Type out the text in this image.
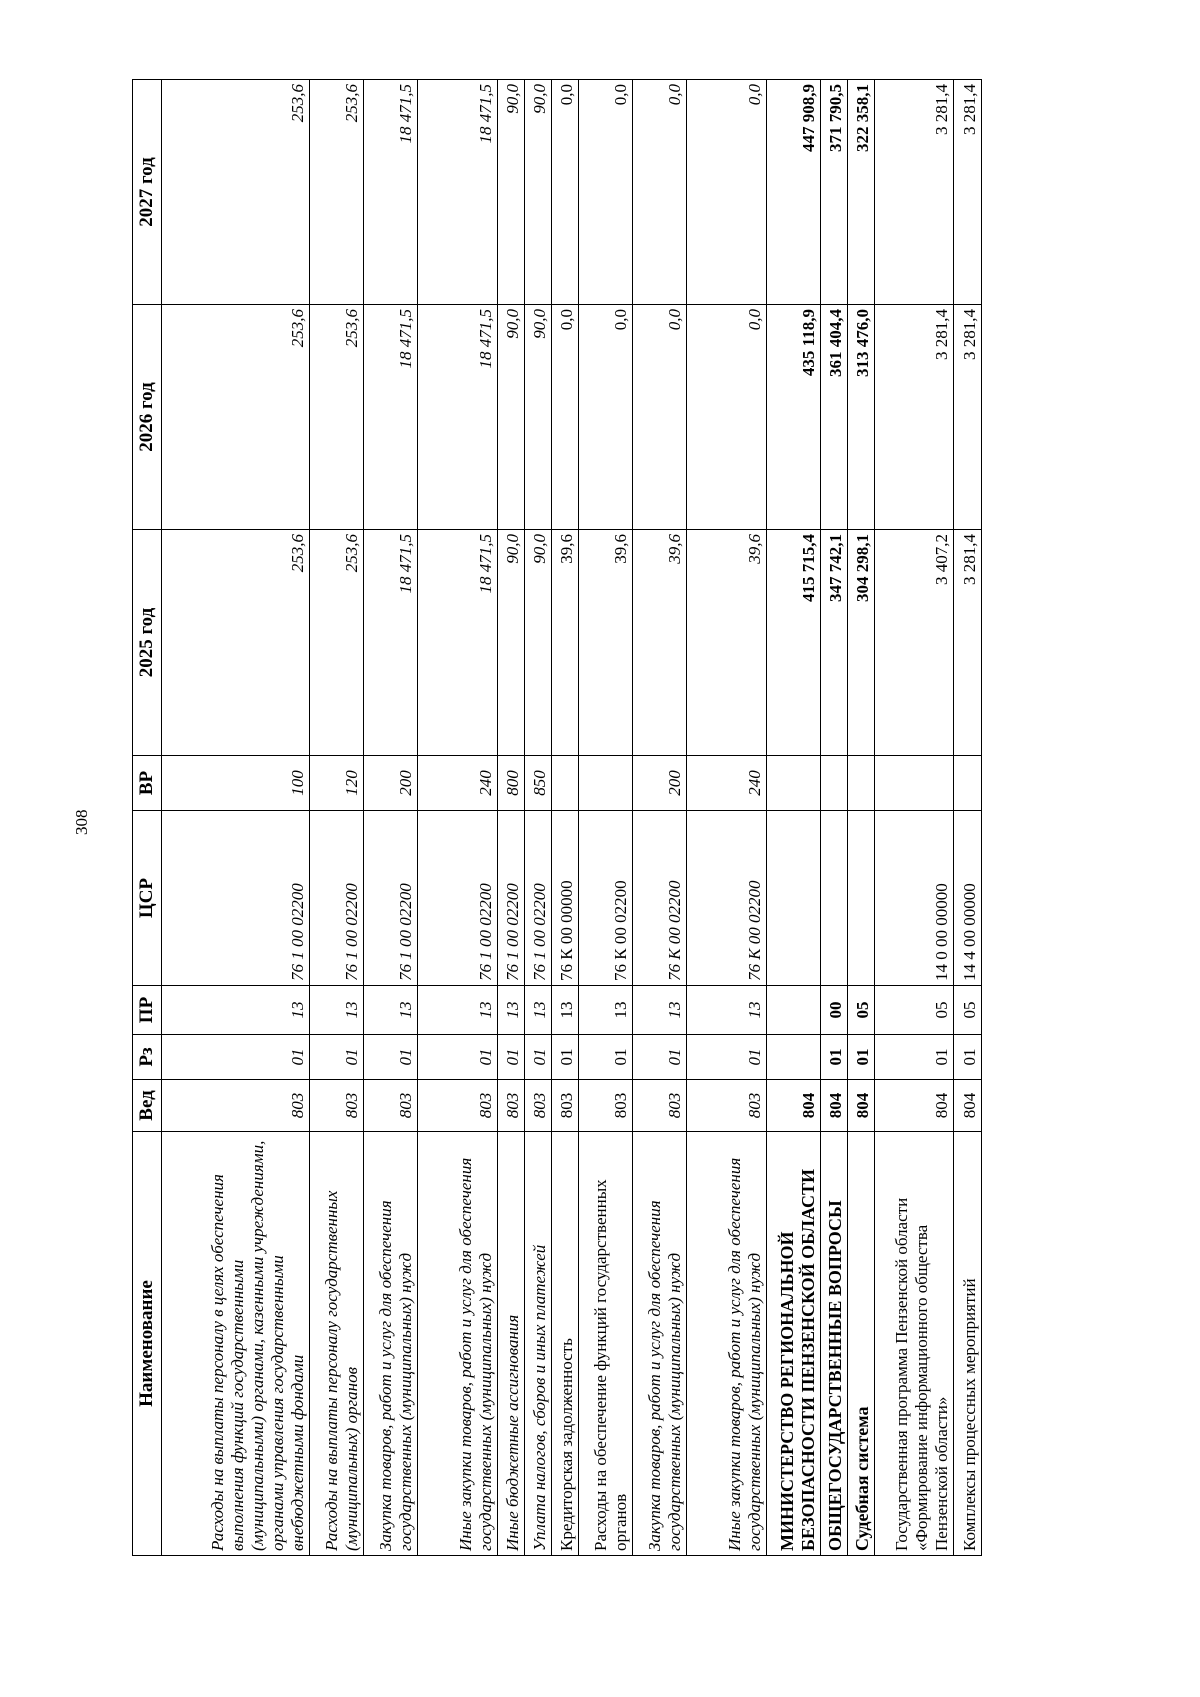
308
Наименование	Вед	Рз	ПР	ЦСР	ВР	2025 год	2026 год	2027 год
Расходы на выплаты персоналу в целях обеспечения выполнения функций государственными (муниципальными) органами, казенными учреждениями, органами управления государственными внебюджетными фондами	803	01	13	76 1 00 02200	100	253,6	253,6	253,6
Расходы на выплаты персоналу государственных (муниципальных) органов	803	01	13	76 1 00 02200	120	253,6	253,6	253,6
Закупка товаров, работ и услуг для обеспечения государственных (муниципальных) нужд	803	01	13	76 1 00 02200	200	18 471,5	18 471,5	18 471,5
Иные закупки товаров, работ и услуг для обеспечения государственных (муниципальных) нужд	803	01	13	76 1 00 02200	240	18 471,5	18 471,5	18 471,5
Иные бюджетные ассигнования	803	01	13	76 1 00 02200	800	90,0	90,0	90,0
Уплата налогов, сборов и иных платежей	803	01	13	76 1 00 02200	850	90,0	90,0	90,0
Кредиторская задолженность	803	01	13	76 К 00 00000		39,6	0,0	0,0
Расходы на обеспечение функций государственных органов	803	01	13	76 К 00 02200		39,6	0,0	0,0
Закупка товаров, работ и услуг для обеспечения государственных (муниципальных) нужд	803	01	13	76 К 00 02200	200	39,6	0,0	0,0
Иные закупки товаров, работ и услуг для обеспечения государственных (муниципальных) нужд	803	01	13	76 К 00 02200	240	39,6	0,0	0,0
МИНИСТЕРСТВО РЕГИОНАЛЬНОЙ БЕЗОПАСНОСТИ ПЕНЗЕНСКОЙ ОБЛАСТИ	804					415 715,4	435 118,9	447 908,9
ОБЩЕГОСУДАРСТВЕННЫЕ ВОПРОСЫ	804	01	00			347 742,1	361 404,4	371 790,5
Судебная система	804	01	05			304 298,1	313 476,0	322 358,1
Государственная программа Пензенской области «Формирование информационного общества Пензенской области»	804	01	05	14 0 00 00000		3 407,2	3 281,4	3 281,4
Комплексы процессных мероприятий	804	01	05	14 4 00 00000		3 281,4	3 281,4	3 281,4
